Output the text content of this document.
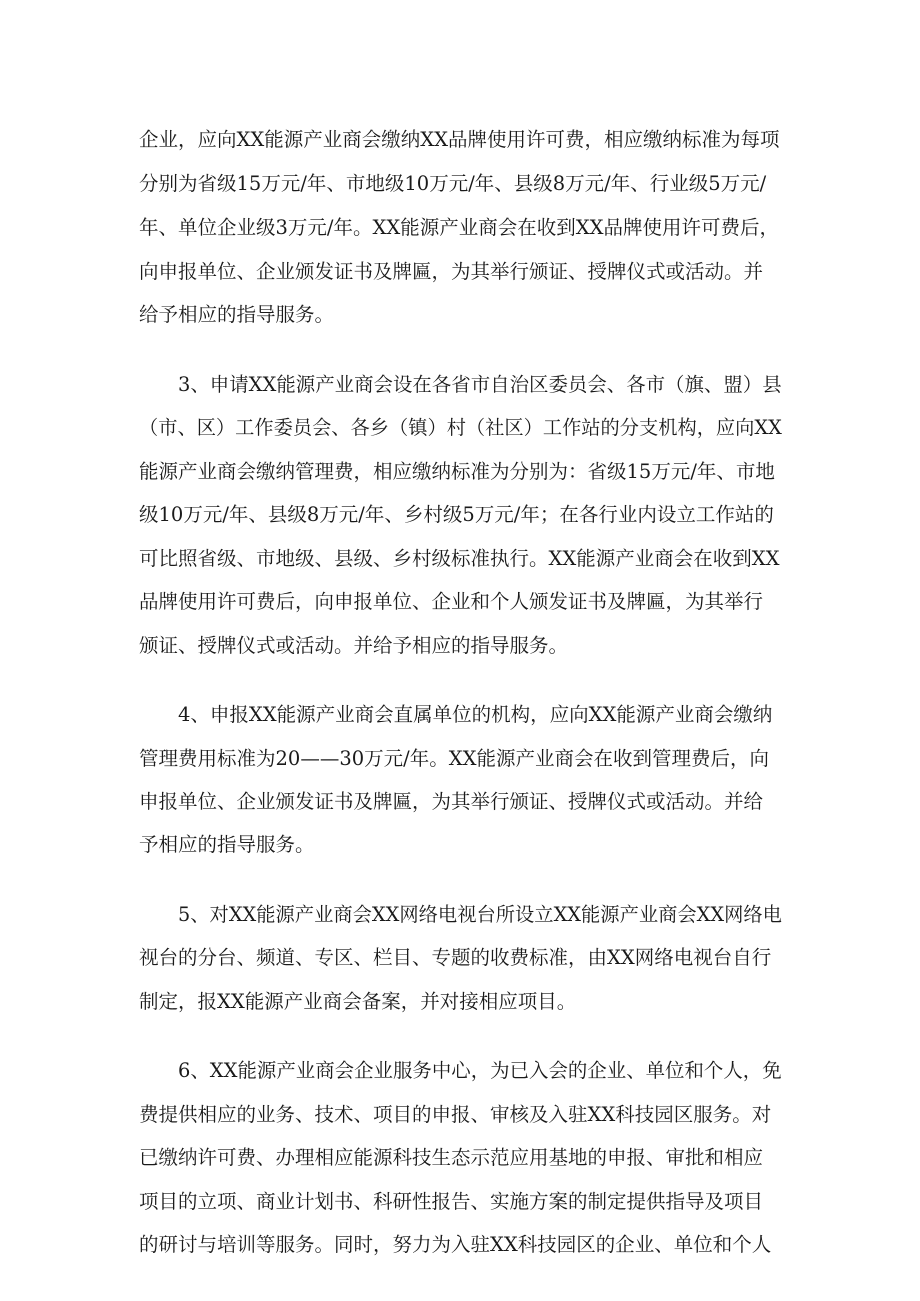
企业，应向XX能源产业商会缴纳XX品牌使用许可费，相应缴纳标准为每项
分别为省级15万元/年、市地级10万元/年、县级8万元/年、行业级5万元/
年、单位企业级3万元/年。XX能源产业商会在收到XX品牌使用许可费后，
向申报单位、企业颁发证书及牌匾，为其举行颁证、授牌仪式或活动。并
给予相应的指导服务。
3、申请XX能源产业商会设在各省市自治区委员会、各市（旗、盟）县
（市、区）工作委员会、各乡（镇）村（社区）工作站的分支机构，应向XX
能源产业商会缴纳管理费，相应缴纳标准为分别为：省级15万元/年、市地
级10万元/年、县级8万元/年、乡村级5万元/年；在各行业内设立工作站的
可比照省级、市地级、县级、乡村级标准执行。XX能源产业商会在收到XX
品牌使用许可费后，向申报单位、企业和个人颁发证书及牌匾，为其举行
颁证、授牌仪式或活动。并给予相应的指导服务。
4、申报XX能源产业商会直属单位的机构，应向XX能源产业商会缴纳
管理费用标准为20——30万元/年。XX能源产业商会在收到管理费后，向
申报单位、企业颁发证书及牌匾，为其举行颁证、授牌仪式或活动。并给
予相应的指导服务。
5、对XX能源产业商会XX网络电视台所设立XX能源产业商会XX网络电
视台的分台、频道、专区、栏目、专题的收费标准，由XX网络电视台自行
制定，报XX能源产业商会备案，并对接相应项目。
6、XX能源产业商会企业服务中心，为已入会的企业、单位和个人，免
费提供相应的业务、技术、项目的申报、审核及入驻XX科技园区服务。对
已缴纳许可费、办理相应能源科技生态示范应用基地的申报、审批和相应
项目的立项、商业计划书、科研性报告、实施方案的制定提供指导及项目
的研讨与培训等服务。同时，努力为入驻XX科技园区的企业、单位和个人
